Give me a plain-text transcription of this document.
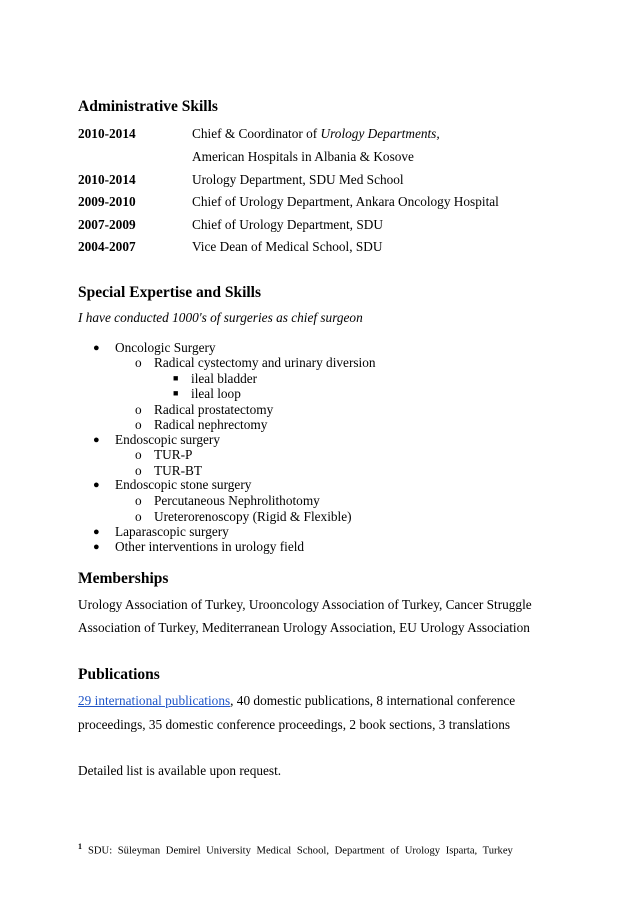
Administrative Skills
2010-2014	Chief & Coordinator of Urology Departments,
American Hospitals in Albania & Kosove
2010-2014	Urology Department, SDU Med School
2009-2010	Chief of Urology Department, Ankara Oncology Hospital
2007-2009	Chief of Urology Department, SDU
2004-2007	Vice Dean of Medical School, SDU
Special Expertise and Skills
I have conducted 1000's of surgeries as chief surgeon
● Oncologic Surgery
o Radical cystectomy and urinary diversion
■ ileal bladder
■ ileal loop
o Radical prostatectomy
o Radical nephrectomy
● Endoscopic surgery
o TUR-P
o TUR-BT
● Endoscopic stone surgery
o Percutaneous Nephrolithotomy
o Ureterorenoscopy (Rigid & Flexible)
● Laparascopic surgery
● Other interventions in urology field
Memberships
Urology Association of Turkey, Urooncology Association of Turkey, Cancer Struggle
Association of Turkey, Mediterranean Urology Association, EU Urology Association
Publications
29 international publications, 40 domestic publications, 8 international conference
proceedings, 35 domestic conference proceedings, 2 book sections, 3 translations
Detailed list is available upon request.
$^1$ SDU: Süleyman Demirel University Medical School, Department of Urology Isparta, Turkey
